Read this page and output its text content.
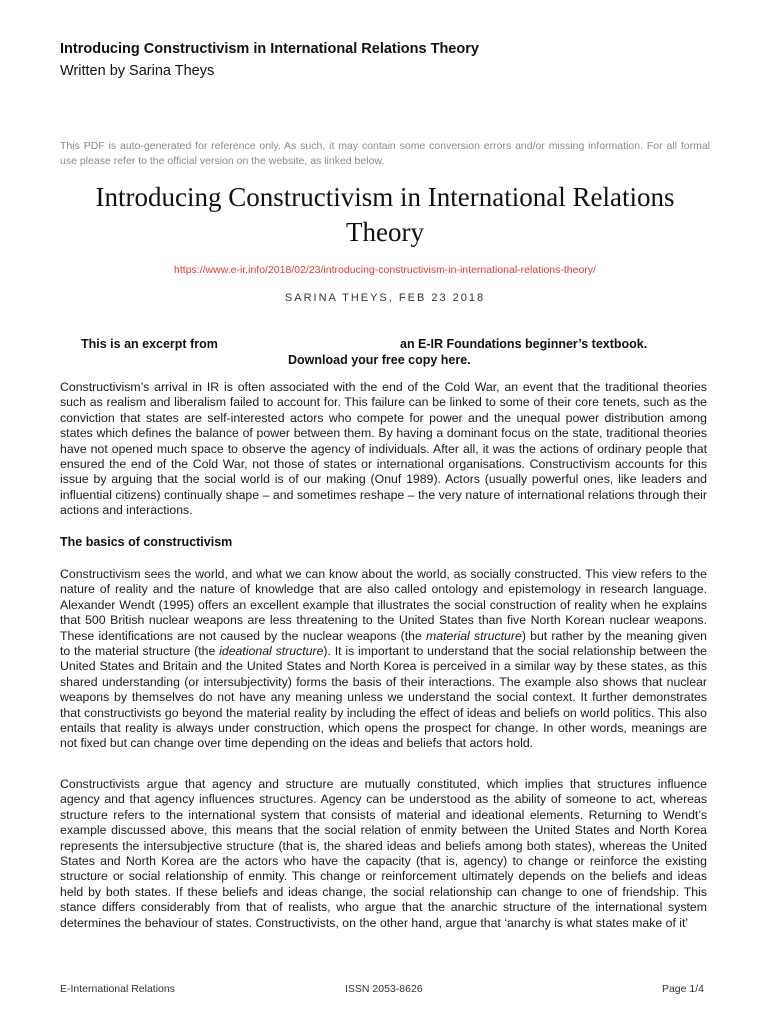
Introducing Constructivism in International Relations Theory
Written by Sarina Theys
This PDF is auto-generated for reference only. As such, it may contain some conversion errors and/or missing information. For all formal use please refer to the official version on the website, as linked below.
Introducing Constructivism in International Relations Theory
https://www.e-ir.info/2018/02/23/introducing-constructivism-in-international-relations-theory/
SARINA THEYS, FEB 23 2018
This is an excerpt from	an E-IR Foundations beginner’s textbook.
Download your free copy here.
Constructivism’s arrival in IR is often associated with the end of the Cold War, an event that the traditional theories such as realism and liberalism failed to account for. This failure can be linked to some of their core tenets, such as the conviction that states are self-interested actors who compete for power and the unequal power distribution among states which defines the balance of power between them. By having a dominant focus on the state, traditional theories have not opened much space to observe the agency of individuals. After all, it was the actions of ordinary people that ensured the end of the Cold War, not those of states or international organisations. Constructivism accounts for this issue by arguing that the social world is of our making (Onuf 1989). Actors (usually powerful ones, like leaders and influential citizens) continually shape – and sometimes reshape – the very nature of international relations through their actions and interactions.
The basics of constructivism
Constructivism sees the world, and what we can know about the world, as socially constructed. This view refers to the nature of reality and the nature of knowledge that are also called ontology and epistemology in research language. Alexander Wendt (1995) offers an excellent example that illustrates the social construction of reality when he explains that 500 British nuclear weapons are less threatening to the United States than five North Korean nuclear weapons. These identifications are not caused by the nuclear weapons (the material structure) but rather by the meaning given to the material structure (the ideational structure). It is important to understand that the social relationship between the United States and Britain and the United States and North Korea is perceived in a similar way by these states, as this shared understanding (or intersubjectivity) forms the basis of their interactions. The example also shows that nuclear weapons by themselves do not have any meaning unless we understand the social context. It further demonstrates that constructivists go beyond the material reality by including the effect of ideas and beliefs on world politics. This also entails that reality is always under construction, which opens the prospect for change. In other words, meanings are not fixed but can change over time depending on the ideas and beliefs that actors hold.
Constructivists argue that agency and structure are mutually constituted, which implies that structures influence agency and that agency influences structures. Agency can be understood as the ability of someone to act, whereas structure refers to the international system that consists of material and ideational elements. Returning to Wendt’s example discussed above, this means that the social relation of enmity between the United States and North Korea represents the intersubjective structure (that is, the shared ideas and beliefs among both states), whereas the United States and North Korea are the actors who have the capacity (that is, agency) to change or reinforce the existing structure or social relationship of enmity. This change or reinforcement ultimately depends on the beliefs and ideas held by both states. If these beliefs and ideas change, the social relationship can change to one of friendship. This stance differs considerably from that of realists, who argue that the anarchic structure of the international system determines the behaviour of states. Constructivists, on the other hand, argue that ‘anarchy is what states make of it’
E-International Relations	ISSN 2053-8626	Page 1/4
